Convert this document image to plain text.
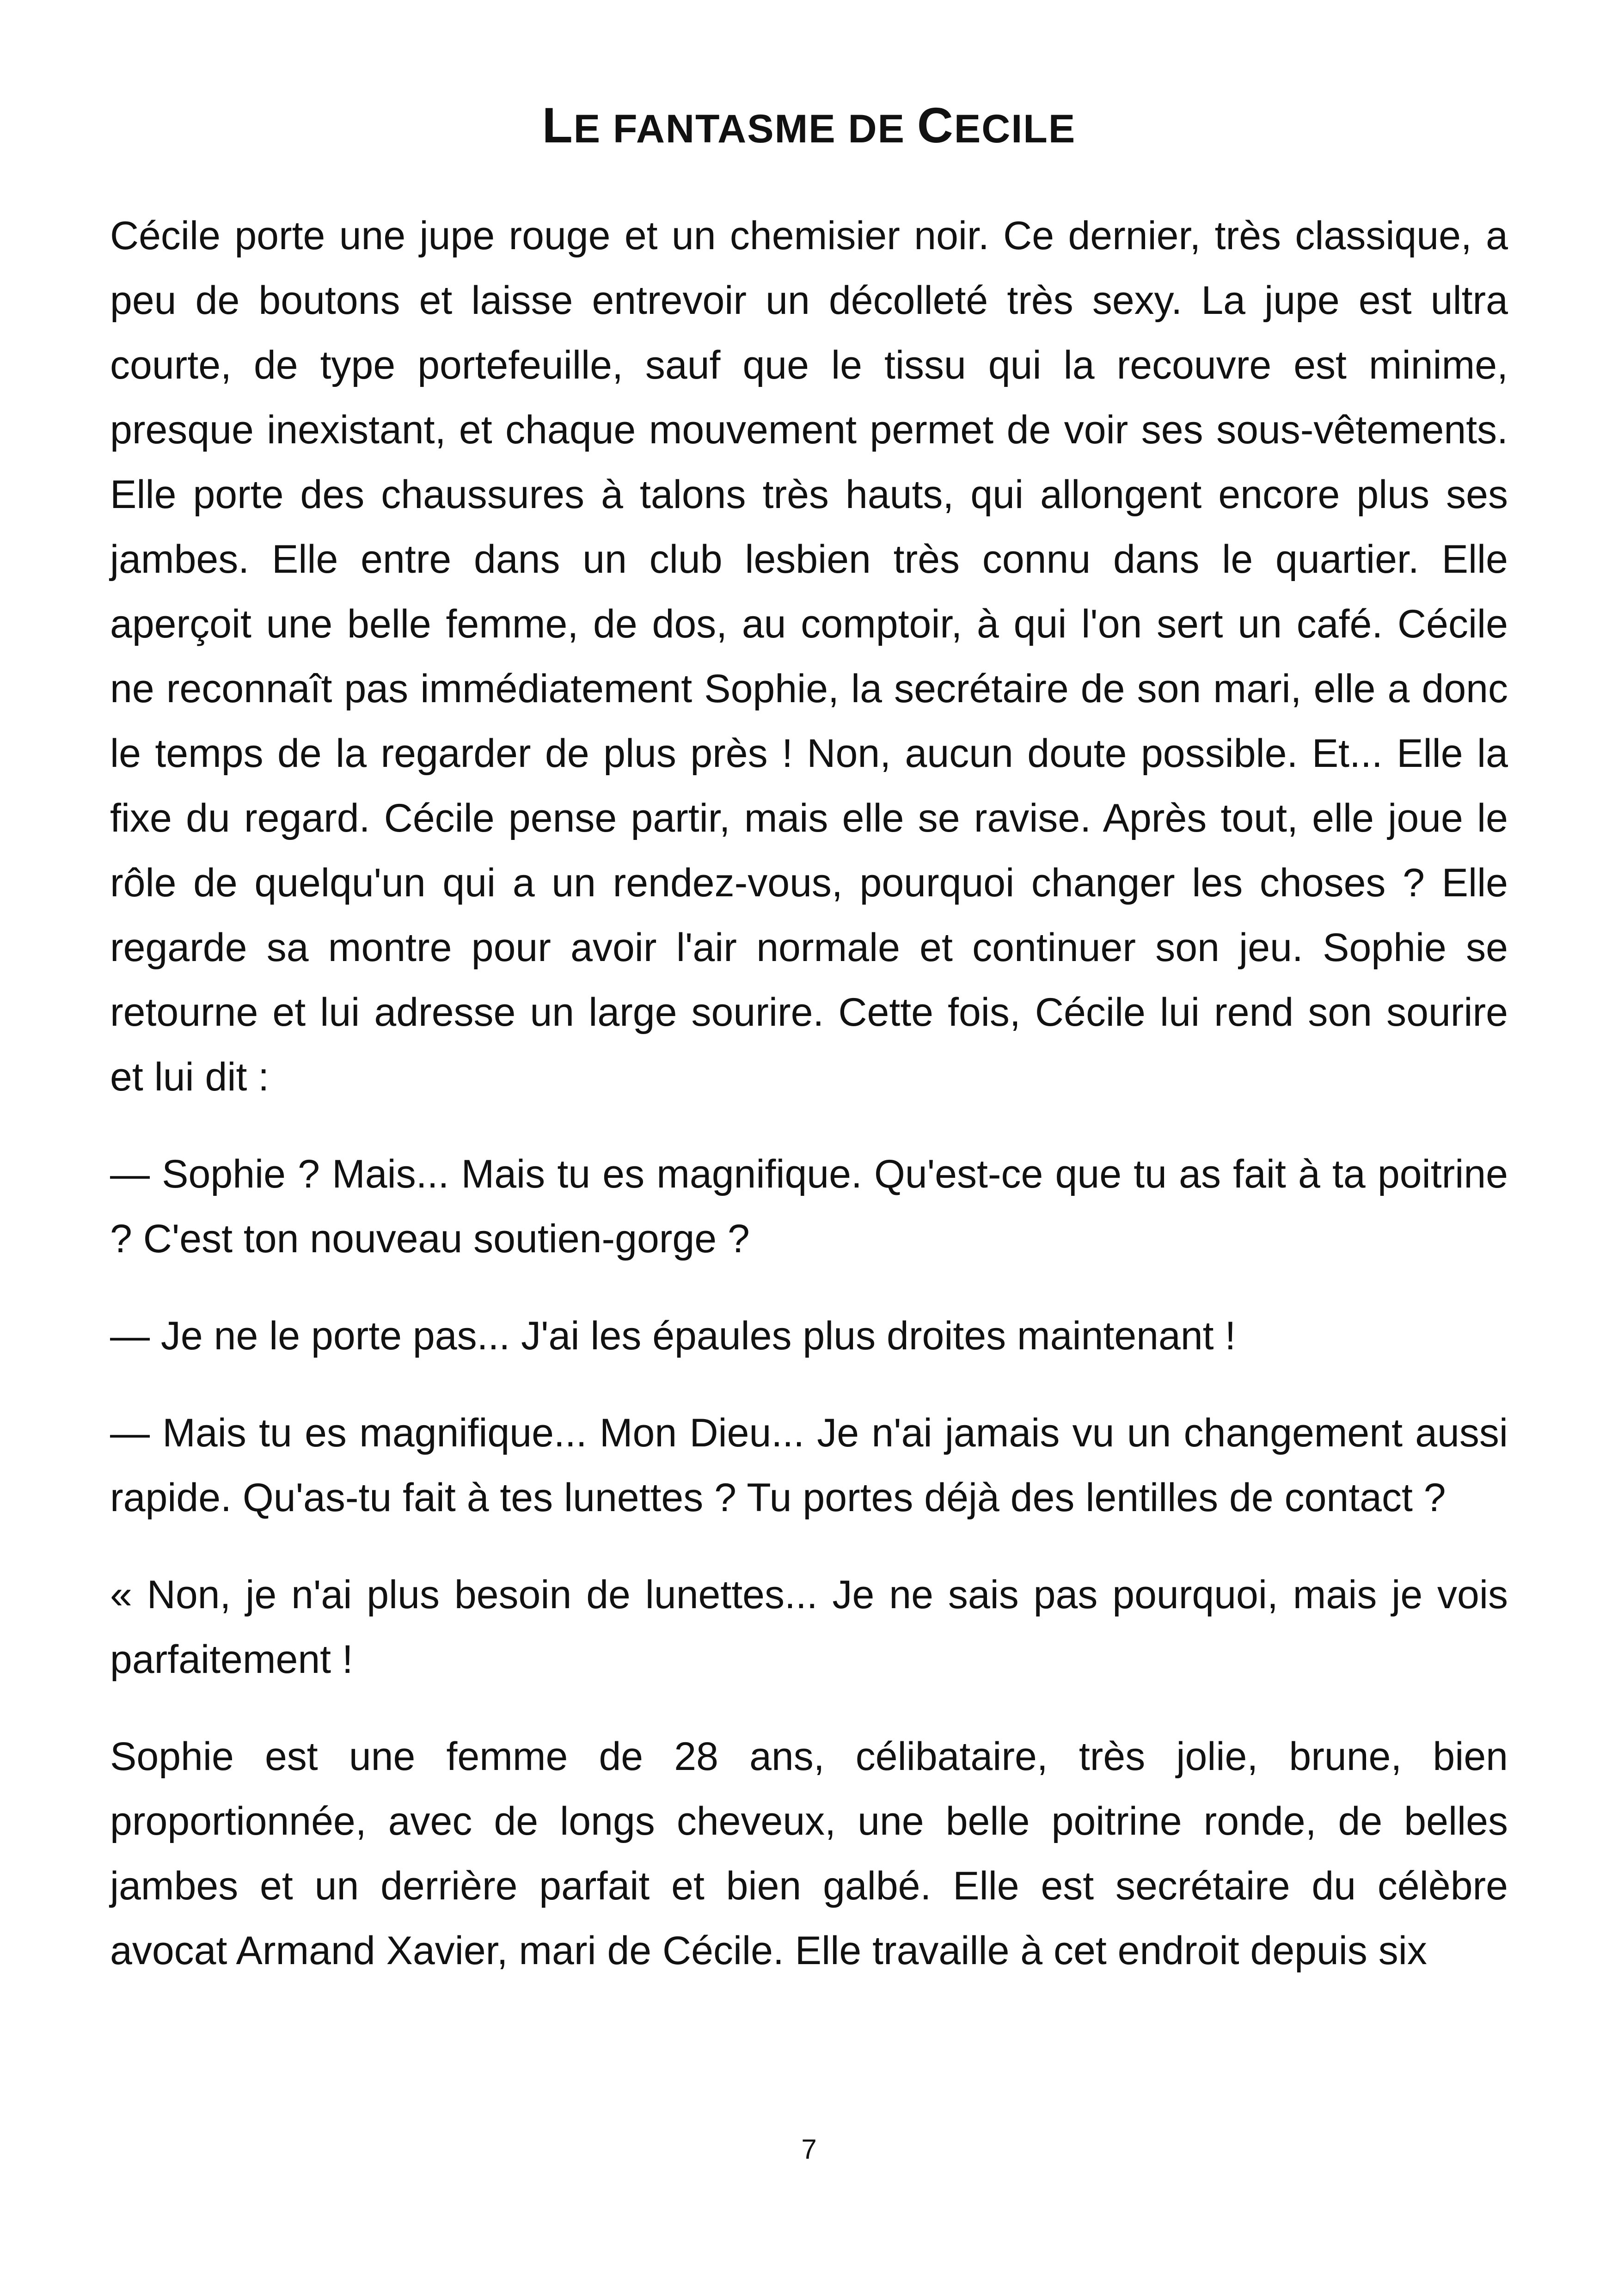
LE FANTASME DE CECILE

Cécile porte une jupe rouge et un chemisier noir. Ce dernier, très classique, a peu de boutons et laisse entrevoir un décolleté très sexy. La jupe est ultra courte, de type portefeuille, sauf que le tissu qui la recouvre est minime, presque inexistant, et chaque mouvement permet de voir ses sous-vêtements. Elle porte des chaussures à talons très hauts, qui allongent encore plus ses jambes. Elle entre dans un club lesbien très connu dans le quartier. Elle aperçoit une belle femme, de dos, au comptoir, à qui l'on sert un café. Cécile ne reconnaît pas immédiatement Sophie, la secrétaire de son mari, elle a donc le temps de la regarder de plus près ! Non, aucun doute possible. Et... Elle la fixe du regard. Cécile pense partir, mais elle se ravise. Après tout, elle joue le rôle de quelqu'un qui a un rendez-vous, pourquoi changer les choses ? Elle regarde sa montre pour avoir l'air normale et continuer son jeu. Sophie se retourne et lui adresse un large sourire. Cette fois, Cécile lui rend son sourire et lui dit :

— Sophie ? Mais... Mais tu es magnifique. Qu'est-ce que tu as fait à ta poitrine ? C'est ton nouveau soutien-gorge ?

— Je ne le porte pas... J'ai les épaules plus droites maintenant !

— Mais tu es magnifique... Mon Dieu... Je n'ai jamais vu un changement aussi rapide. Qu'as-tu fait à tes lunettes ? Tu portes déjà des lentilles de contact ?

« Non, je n'ai plus besoin de lunettes... Je ne sais pas pourquoi, mais je vois parfaitement !

Sophie est une femme de 28 ans, célibataire, très jolie, brune, bien proportionnée, avec de longs cheveux, une belle poitrine ronde, de belles jambes et un derrière parfait et bien galbé. Elle est secrétaire du célèbre avocat Armand Xavier, mari de Cécile. Elle travaille à cet endroit depuis six

7
